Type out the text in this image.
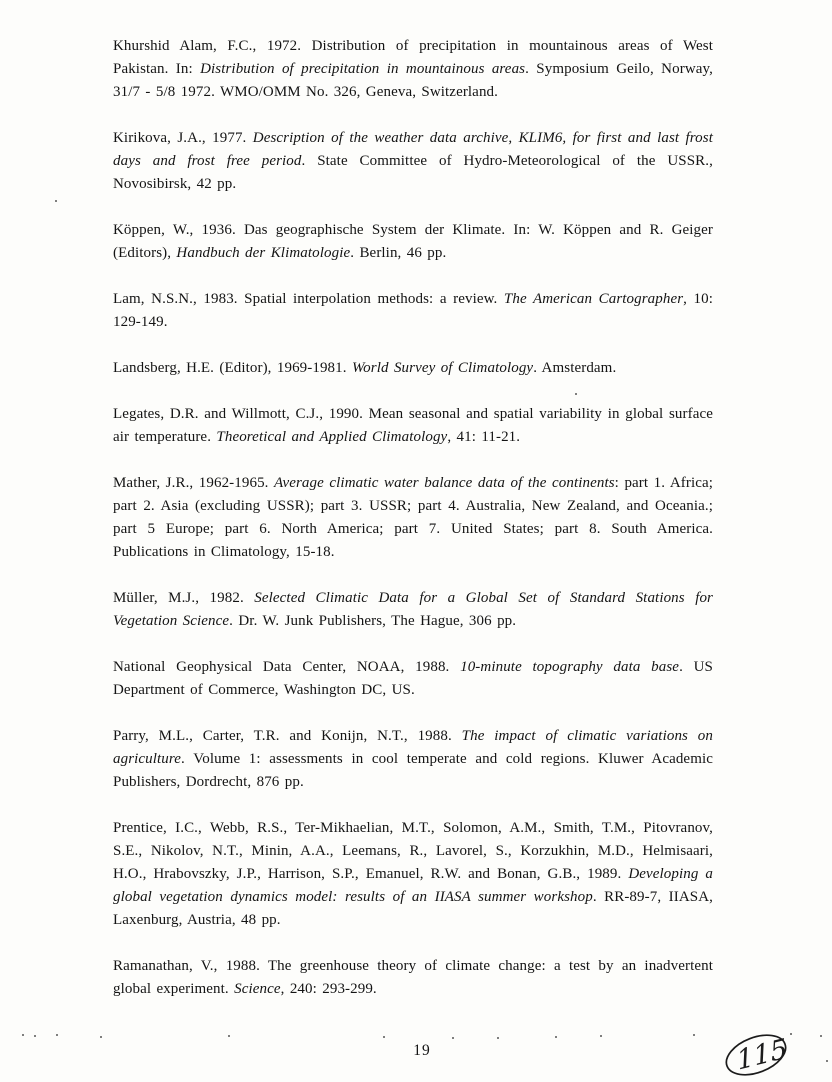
Khurshid Alam, F.C., 1972. Distribution of precipitation in mountainous areas of West Pakistan. In: Distribution of precipitation in mountainous areas. Symposium Geilo, Norway, 31/7 - 5/8 1972. WMO/OMM No. 326, Geneva, Switzerland.

Kirikova, J.A., 1977. Description of the weather data archive, KLIM6, for first and last frost days and frost free period. State Committee of Hydro-Meteorological of the USSR., Novosibirsk, 42 pp.

Köppen, W., 1936. Das geographische System der Klimate. In: W. Köppen and R. Geiger (Editors), Handbuch der Klimatologie. Berlin, 46 pp.

Lam, N.S.N., 1983. Spatial interpolation methods: a review. The American Cartographer, 10: 129-149.

Landsberg, H.E. (Editor), 1969-1981. World Survey of Climatology. Amsterdam.

Legates, D.R. and Willmott, C.J., 1990. Mean seasonal and spatial variability in global surface air temperature. Theoretical and Applied Climatology, 41: 11-21.

Mather, J.R., 1962-1965. Average climatic water balance data of the continents: part 1. Africa; part 2. Asia (excluding USSR); part 3. USSR; part 4. Australia, New Zealand, and Oceania.; part 5 Europe; part 6. North America; part 7. United States; part 8. South America. Publications in Climatology, 15-18.

Müller, M.J., 1982. Selected Climatic Data for a Global Set of Standard Stations for Vegetation Science. Dr. W. Junk Publishers, The Hague, 306 pp.

National Geophysical Data Center, NOAA, 1988. 10-minute topography data base. US Department of Commerce, Washington DC, US.

Parry, M.L., Carter, T.R. and Konijn, N.T., 1988. The impact of climatic variations on agriculture. Volume 1: assessments in cool temperate and cold regions. Kluwer Academic Publishers, Dordrecht, 876 pp.

Prentice, I.C., Webb, R.S., Ter-Mikhaelian, M.T., Solomon, A.M., Smith, T.M., Pitovranov, S.E., Nikolov, N.T., Minin, A.A., Leemans, R., Lavorel, S., Korzukhin, M.D., Helmisaari, H.O., Hrabovszky, J.P., Harrison, S.P., Emanuel, R.W. and Bonan, G.B., 1989. Developing a global vegetation dynamics model: results of an IIASA summer workshop. RR-89-7, IIASA, Laxenburg, Austria, 48 pp.

Ramanathan, V., 1988. The greenhouse theory of climate change: a test by an inadvertent global experiment. Science, 240: 293-299.

19	115
